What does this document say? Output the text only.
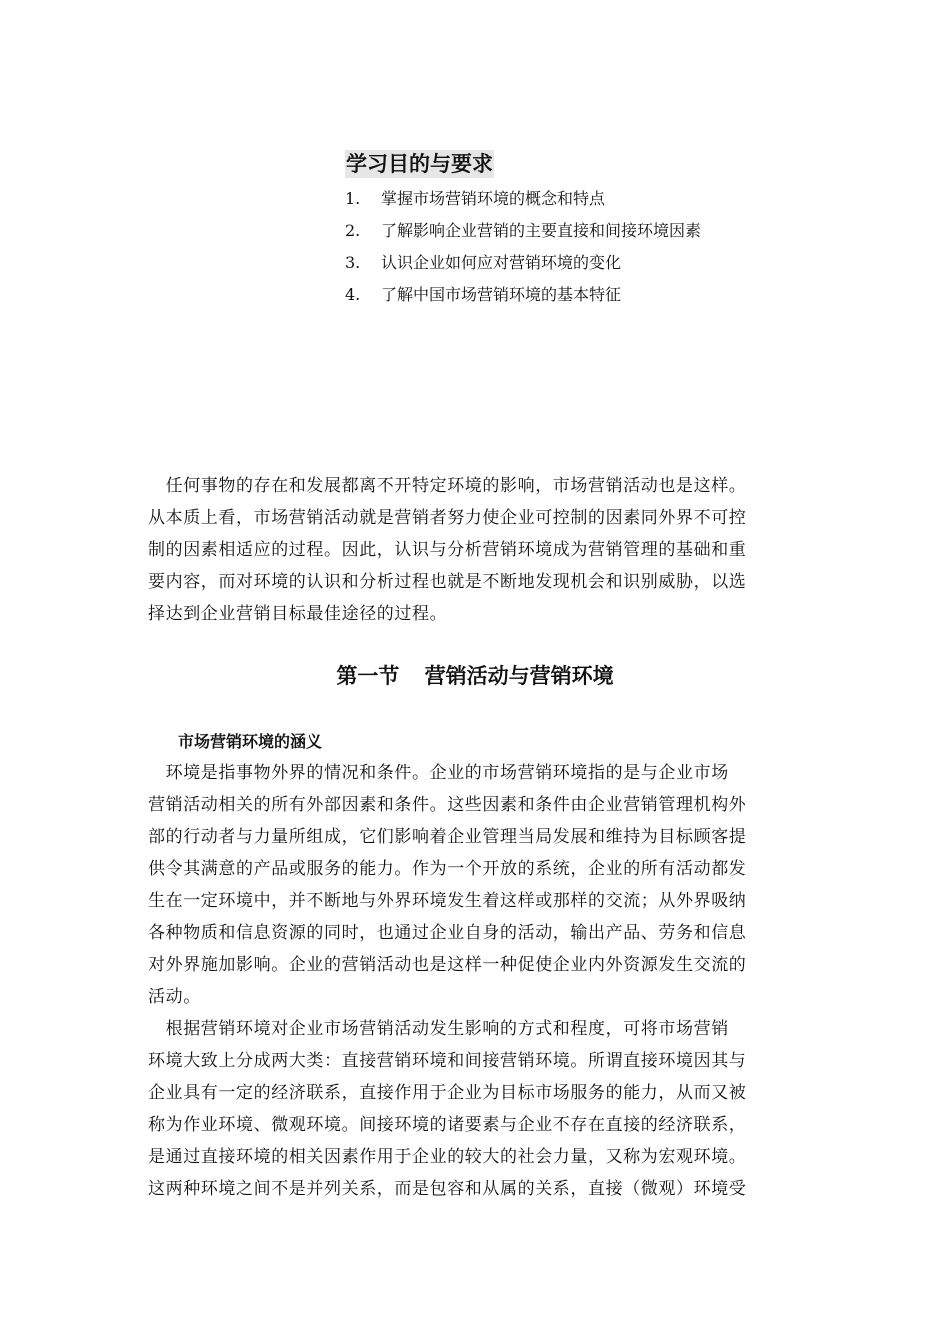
学习目的与要求
1. 掌握市场营销环境的概念和特点
2. 了解影响企业营销的主要直接和间接环境因素
3. 认识企业如何应对营销环境的变化
4. 了解中国市场营销环境的基本特征
　任何事物的存在和发展都离不开特定环境的影响，市场营销活动也是这样。
从本质上看，市场营销活动就是营销者努力使企业可控制的因素同外界不可控
制的因素相适应的过程。因此，认识与分析营销环境成为营销管理的基础和重
要内容，而对环境的认识和分析过程也就是不断地发现机会和识别威胁，以选
择达到企业营销目标最佳途径的过程。
第一节 营销活动与营销环境
市场营销环境的涵义
　环境是指事物外界的情况和条件。企业的市场营销环境指的是与企业市场
营销活动相关的所有外部因素和条件。这些因素和条件由企业营销管理机构外
部的行动者与力量所组成，它们影响着企业管理当局发展和维持为目标顾客提
供令其满意的产品或服务的能力。作为一个开放的系统，企业的所有活动都发
生在一定环境中，并不断地与外界环境发生着这样或那样的交流；从外界吸纳
各种物质和信息资源的同时，也通过企业自身的活动，输出产品、劳务和信息
对外界施加影响。企业的营销活动也是这样一种促使企业内外资源发生交流的
活动。
　根据营销环境对企业市场营销活动发生影响的方式和程度，可将市场营销
环境大致上分成两大类：直接营销环境和间接营销环境。所谓直接环境因其与
企业具有一定的经济联系，直接作用于企业为目标市场服务的能力，从而又被
称为作业环境、微观环境。间接环境的诸要素与企业不存在直接的经济联系，
是通过直接环境的相关因素作用于企业的较大的社会力量，又称为宏观环境。
这两种环境之间不是并列关系，而是包容和从属的关系，直接（微观）环境受
